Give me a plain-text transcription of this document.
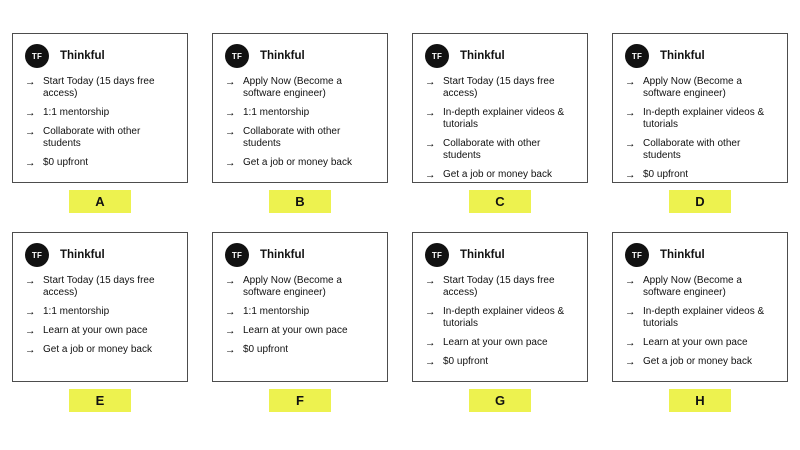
TF Thinkful
→ Start Today (15 days free access)
→ 1:1 mentorship
→ Collaborate with other students
→ $0 upfront
A
TF Thinkful
→ Apply Now (Become a software engineer)
→ 1:1 mentorship
→ Collaborate with other students
→ Get a job or money back
B
TF Thinkful
→ Start Today (15 days free access)
→ In-depth explainer videos & tutorials
→ Collaborate with other students
→ Get a job or money back
C
TF Thinkful
→ Apply Now (Become a software engineer)
→ In-depth explainer videos & tutorials
→ Collaborate with other students
→ $0 upfront
D
TF Thinkful
→ Start Today (15 days free access)
→ 1:1 mentorship
→ Learn at your own pace
→ Get a job or money back
E
TF Thinkful
→ Apply Now (Become a software engineer)
→ 1:1 mentorship
→ Learn at your own pace
→ $0 upfront
F
TF Thinkful
→ Start Today (15 days free access)
→ In-depth explainer videos & tutorials
→ Learn at your own pace
→ $0 upfront
G
TF Thinkful
→ Apply Now (Become a software engineer)
→ In-depth explainer videos & tutorials
→ Learn at your own pace
→ Get a job or money back
H
